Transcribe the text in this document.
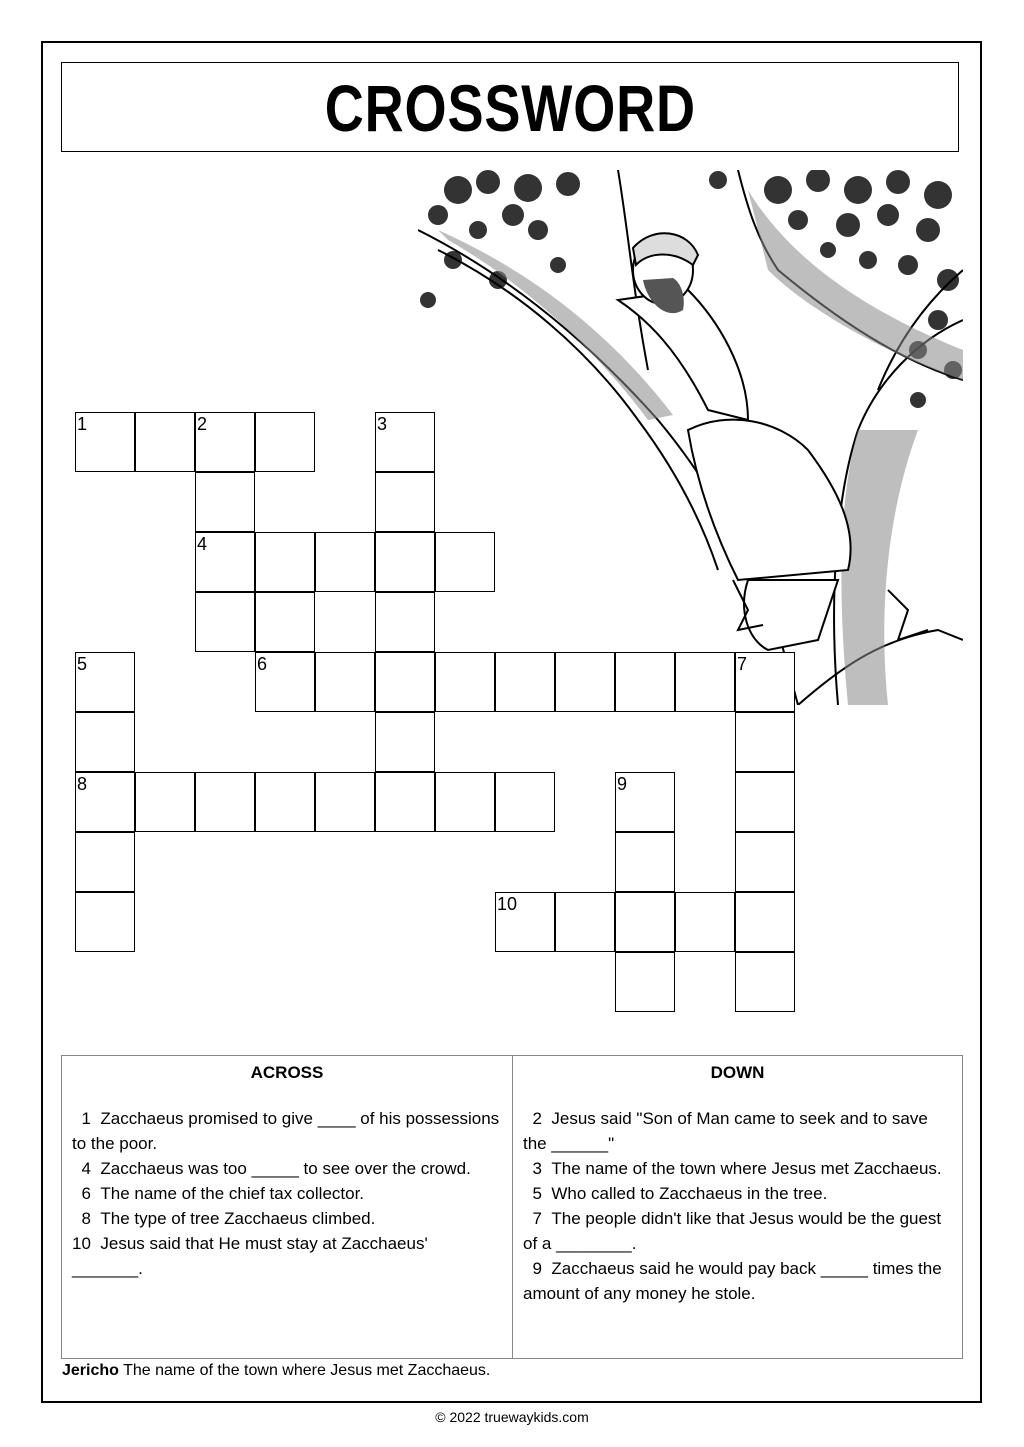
CROSSWORD
1	2	3
4
5	6	7
8	9
10
ACROSS

1 Zacchaeus promised to give ____ of his possessions to the poor.

4 Zacchaeus was too _____ to see over the crowd.

6 The name of the chief tax collector.

8 The type of tree Zacchaeus climbed.

10 Jesus said that He must stay at Zacchaeus' _______.

DOWN

2 Jesus said "Son of Man came to seek and to save the ______"

3 The name of the town where Jesus met Zacchaeus.

5 Who called to Zacchaeus in the tree.

7 The people didn't like that Jesus would be the guest of a ________.

9 Zacchaeus said he would pay back _____ times the amount of any money he stole.

Jericho The name of the town where Jesus met Zacchaeus.
© 2022 truewaykids.com
